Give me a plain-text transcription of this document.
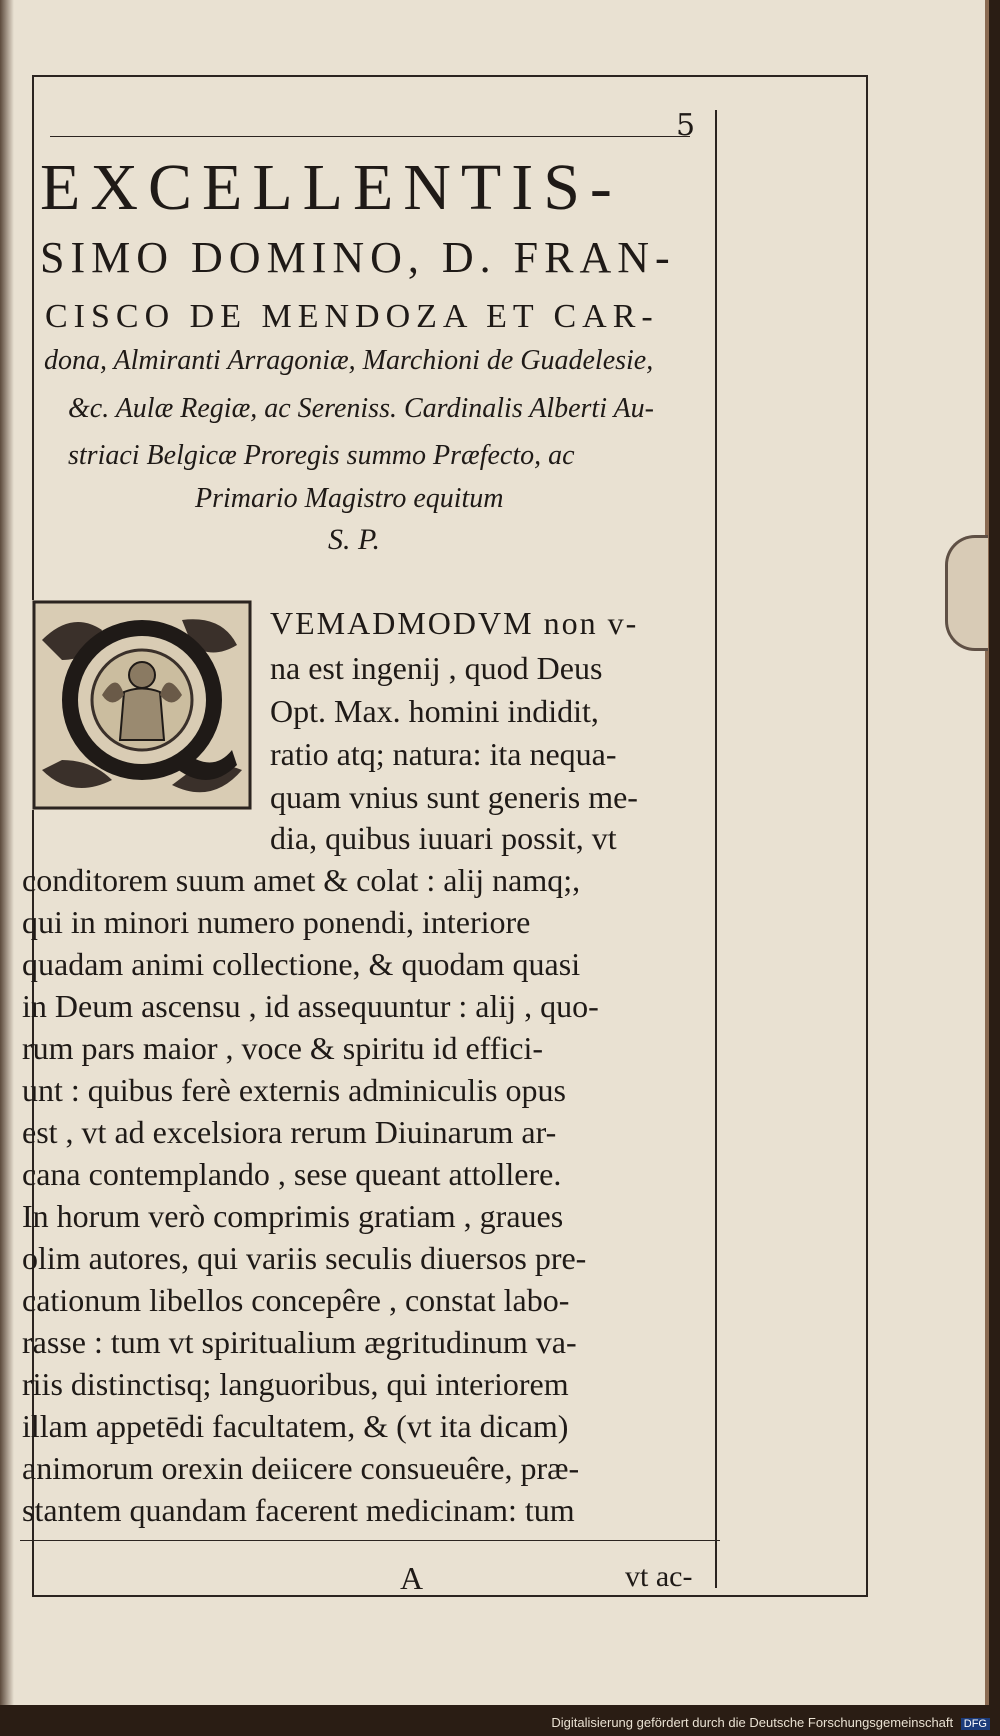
5
EXCELLENTIS-
SIMO DOMINO, D. FRAN-
CISCO DE MENDOZA ET CAR-
dona, Almiranti Arragoniæ, Marchioni de Guadelesie,
&c. Aulæ Regiæ, ac Sereniss. Cardinalis Alberti Au-
striaci Belgicæ Proregis summo Præfecto, ac
Primario Magistro equitum
S. P.
VEMADMODVM non v-
na est ingenij , quod Deus
Opt. Max. homini indidit,
ratio atq; natura: ita nequa-
quam vnius sunt generis me-
dia, quibus iuuari possit, vt
conditorem suum amet & colat : alij namq;,
qui in minori numero ponendi, interiore
quadam animi collectione, & quodam quasi
in Deum ascensu , id assequuntur : alij , quo-
rum pars maior , voce & spiritu id effici-
unt : quibus ferè externis adminiculis opus
est , vt ad excelsiora rerum Diuinarum ar-
cana contemplando , sese queant attollere.
In horum verò comprimis gratiam , graues
olim autores, qui variis seculis diuersos pre-
cationum libellos concepêre , constat labo-
rasse : tum vt spiritualium ægritudinum va-
riis distinctisq; languoribus, qui interiorem
illam appetēdi facultatem, & (vt ita dicam)
animorum orexin deiicere consueuêre, præ-
stantem quandam facerent medicinam: tum
A	vt ac-
Digitalisierung gefördert durch die Deutsche Forschungsgemeinschaft DFG
